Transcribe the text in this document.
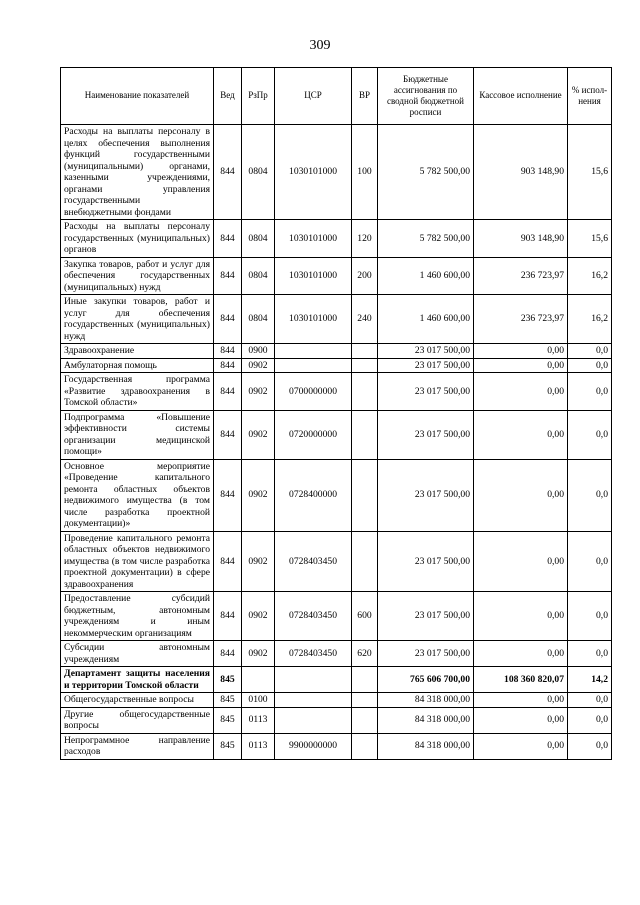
309
Наименование показателей	Вед	РзПр	ЦСР	ВР	Бюджетные ассигнования по сводной бюджетной росписи	Кассовое исполнение	% испол-нения
Расходы на выплаты персоналу в целях обеспечения выполнения функций государственными (муниципальными) органами, казенными учреждениями, органами управления государственными внебюджетными фондами	844	0804	1030101000	100	5 782 500,00	903 148,90	15,6
Расходы на выплаты персоналу государственных (муниципальных) органов	844	0804	1030101000	120	5 782 500,00	903 148,90	15,6
Закупка товаров, работ и услуг для обеспечения государственных (муниципальных) нужд	844	0804	1030101000	200	1 460 600,00	236 723,97	16,2
Иные закупки товаров, работ и услуг для обеспечения государственных (муниципальных) нужд	844	0804	1030101000	240	1 460 600,00	236 723,97	16,2
Здравоохранение	844	0900			23 017 500,00	0,00	0,0
Амбулаторная помощь	844	0902			23 017 500,00	0,00	0,0
Государственная программа «Развитие здравоохранения в Томской области»	844	0902	0700000000		23 017 500,00	0,00	0,0
Подпрограмма «Повышение эффективности системы организации медицинской помощи»	844	0902	0720000000		23 017 500,00	0,00	0,0
Основное мероприятие «Проведение капитального ремонта областных объектов недвижимого имущества (в том числе разработка проектной документации)»	844	0902	0728400000		23 017 500,00	0,00	0,0
Проведение капитального ремонта областных объектов недвижимого имущества (в том числе разработка проектной документации) в сфере здравоохранения	844	0902	0728403450		23 017 500,00	0,00	0,0
Предоставление субсидий бюджетным, автономным учреждениям и иным некоммерческим организациям	844	0902	0728403450	600	23 017 500,00	0,00	0,0
Субсидии автономным учреждениям	844	0902	0728403450	620	23 017 500,00	0,00	0,0
Департамент защиты населения и территории Томской области	845				765 606 700,00	108 360 820,07	14,2
Общегосударственные вопросы	845	0100			84 318 000,00	0,00	0,0
Другие общегосударственные вопросы	845	0113			84 318 000,00	0,00	0,0
Непрограммное направление расходов	845	0113	9900000000		84 318 000,00	0,00	0,0
